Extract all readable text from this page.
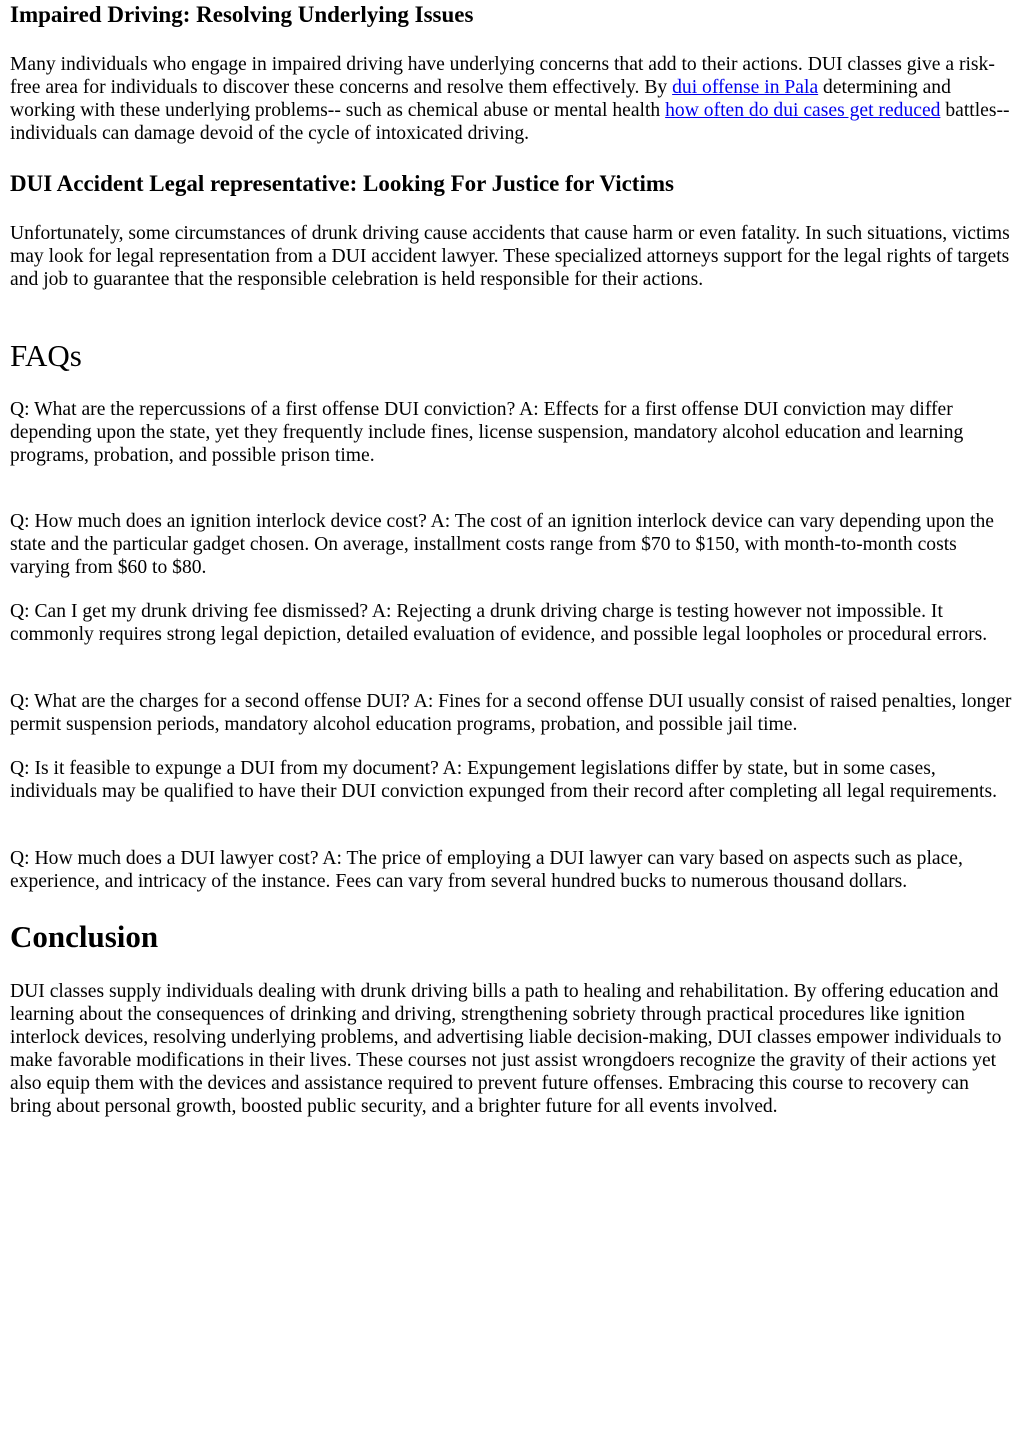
Impaired Driving: Resolving Underlying Issues

Many individuals who engage in impaired driving have underlying concerns that add to their actions. DUI classes give a risk-free area for individuals to discover these concerns and resolve them effectively. By dui offense in Pala determining and working with these underlying problems-- such as chemical abuse or mental health how often do dui cases get reduced battles-- individuals can damage devoid of the cycle of intoxicated driving.

DUI Accident Legal representative: Looking For Justice for Victims

Unfortunately, some circumstances of drunk driving cause accidents that cause harm or even fatality. In such situations, victims may look for legal representation from a DUI accident lawyer. These specialized attorneys support for the legal rights of targets and job to guarantee that the responsible celebration is held responsible for their actions.

FAQs

Q: What are the repercussions of a first offense DUI conviction? A: Effects for a first offense DUI conviction may differ depending upon the state, yet they frequently include fines, license suspension, mandatory alcohol education and learning programs, probation, and possible prison time.

Q: How much does an ignition interlock device cost? A: The cost of an ignition interlock device can vary depending upon the state and the particular gadget chosen. On average, installment costs range from $70 to $150, with month-to-month costs varying from $60 to $80.

Q: Can I get my drunk driving fee dismissed? A: Rejecting a drunk driving charge is testing however not impossible. It commonly requires strong legal depiction, detailed evaluation of evidence, and possible legal loopholes or procedural errors.

Q: What are the charges for a second offense DUI? A: Fines for a second offense DUI usually consist of raised penalties, longer permit suspension periods, mandatory alcohol education programs, probation, and possible jail time.

Q: Is it feasible to expunge a DUI from my document? A: Expungement legislations differ by state, but in some cases, individuals may be qualified to have their DUI conviction expunged from their record after completing all legal requirements.

Q: How much does a DUI lawyer cost? A: The price of employing a DUI lawyer can vary based on aspects such as place, experience, and intricacy of the instance. Fees can vary from several hundred bucks to numerous thousand dollars.

Conclusion

DUI classes supply individuals dealing with drunk driving bills a path to healing and rehabilitation. By offering education and learning about the consequences of drinking and driving, strengthening sobriety through practical procedures like ignition interlock devices, resolving underlying problems, and advertising liable decision-making, DUI classes empower individuals to make favorable modifications in their lives. These courses not just assist wrongdoers recognize the gravity of their actions yet also equip them with the devices and assistance required to prevent future offenses. Embracing this course to recovery can bring about personal growth, boosted public security, and a brighter future for all events involved.
